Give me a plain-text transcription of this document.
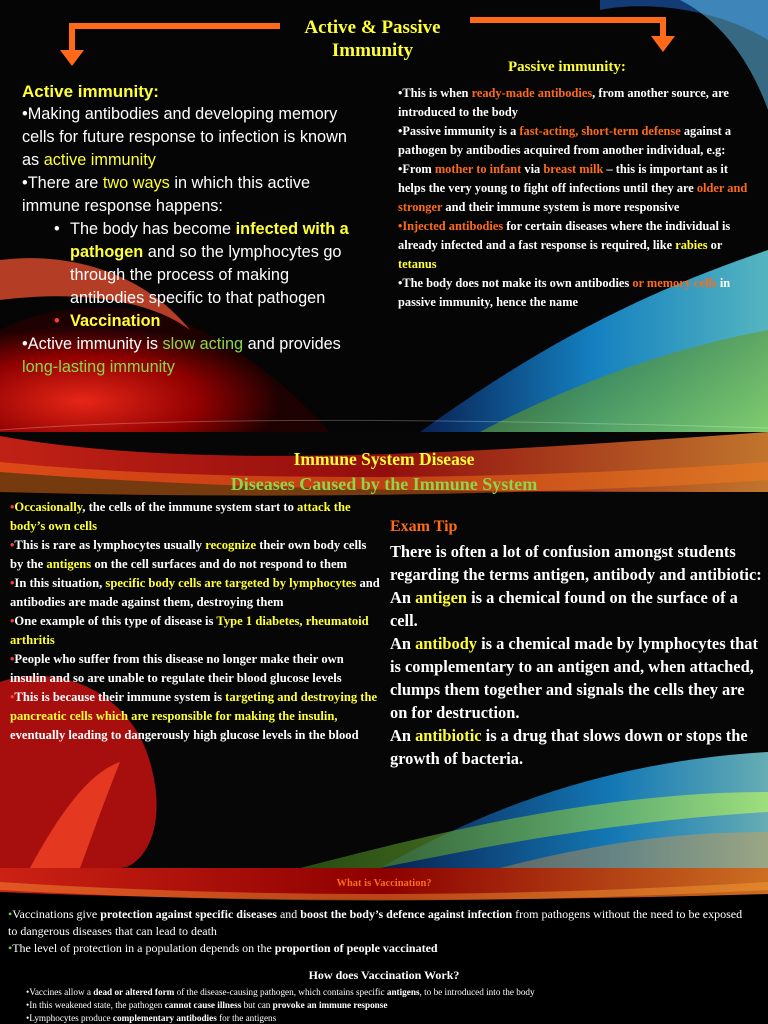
Active & Passive
Immunity
Passive immunity:
Active immunity:
•Making antibodies and developing memory cells for future response to infection is known as active immunity
•There are two ways in which this active immune response happens:
• The body has become infected with a pathogen and so the lymphocytes go through the process of making antibodies specific to that pathogen
• Vaccination
•Active immunity is slow acting and provides long-lasting immunity
•This is when ready-made antibodies, from another source, are introduced to the body
•Passive immunity is a fast-acting, short-term defense against a pathogen by antibodies acquired from another individual, e.g:
•From mother to infant via breast milk – this is important as it helps the very young to fight off infections until they are older and stronger and their immune system is more responsive
•Injected antibodies for certain diseases where the individual is already infected and a fast response is required, like rabies or tetanus
•The body does not make its own antibodies or memory cells in passive immunity, hence the name
Immune System Disease
Diseases Caused by the Immune System
•Occasionally, the cells of the immune system start to attack the body’s own cells
•This is rare as lymphocytes usually recognize their own body cells by the antigens on the cell surfaces and do not respond to them
•In this situation, specific body cells are targeted by lymphocytes and antibodies are made against them, destroying them
•One example of this type of disease is Type 1 diabetes, rheumatoid arthritis
•People who suffer from this disease no longer make their own insulin and so are unable to regulate their blood glucose levels
•This is because their immune system is targeting and destroying the pancreatic cells which are responsible for making the insulin, eventually leading to dangerously high glucose levels in the blood
Exam Tip
There is often a lot of confusion amongst students regarding the terms antigen, antibody and antibiotic:
An antigen is a chemical found on the surface of a cell.
An antibody is a chemical made by lymphocytes that is complementary to an antigen and, when attached, clumps them together and signals the cells they are on for destruction.
An antibiotic is a drug that slows down or stops the growth of bacteria.
What is Vaccination?
•Vaccinations give protection against specific diseases and boost the body’s defence against infection from pathogens without the need to be exposed to dangerous diseases that can lead to death
•The level of protection in a population depends on the proportion of people vaccinated
How does Vaccination Work?
•Vaccines allow a dead or altered form of the disease-causing pathogen, which contains specific antigens, to be introduced into the body
•In this weakened state, the pathogen cannot cause illness but can provoke an immune response
•Lymphocytes produce complementary antibodies for the antigens
